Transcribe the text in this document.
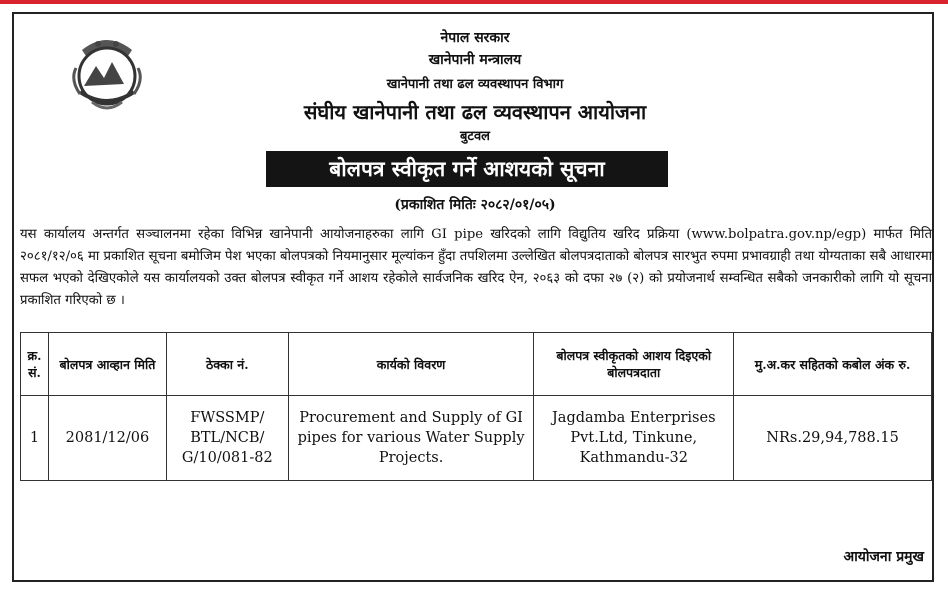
नेपाल सरकार
खानेपानी मन्त्रालय
खानेपानी तथा ढल व्यवस्थापन विभाग
संघीय खानेपानी तथा ढल व्यवस्थापन आयोजना
बुटवल
बोलपत्र स्वीकृत गर्ने आशयको सूचना
(प्रकाशित मितिः २०८२/०१/०५)
यस कार्यालय अन्तर्गत सञ्चालनमा रहेका विभिन्न खानेपानी आयोजनाहरुका लागि GI pipe खरिदको लागि विद्युतिय खरिद प्रक्रिया (www.bolpatra.gov.np/egp) मार्फत मिति २०८१/१२/०६ मा प्रकाशित सूचना बमोजिम पेश भएका बोलपत्रको नियमानुसार मूल्यांकन हुँदा तपशिलमा उल्लेखित बोलपत्रदाताको बोलपत्र सारभुत रुपमा प्रभावग्राही तथा योग्यताका सबै आधारमा सफल भएको देखिएकोले यस कार्यालयको उक्त बोलपत्र स्वीकृत गर्ने आशय रहेकोले सार्वजनिक खरिद ऐन, २०६३ को दफा २७ (२) को प्रयोजनार्थ सम्वन्धित सबैको जनकारीको लागि यो सूचना प्रकाशित गरिएको छ ।
क्र. सं.	बोलपत्र आव्हान मिति	ठेक्का नं.	कार्यको विवरण	बोलपत्र स्वीकृतको आशय दिइएको बोलपत्रदाता	मु.अ.कर सहितको कबोल अंक रु.
1	2081/12/06	FWSSMP/ BTL/NCB/ G/10/081-82	Procurement and Supply of GI pipes for various Water Supply Projects.	Jagdamba Enterprises Pvt.Ltd, Tinkune, Kathmandu-32	NRs.29,94,788.15
आयोजना प्रमुख
